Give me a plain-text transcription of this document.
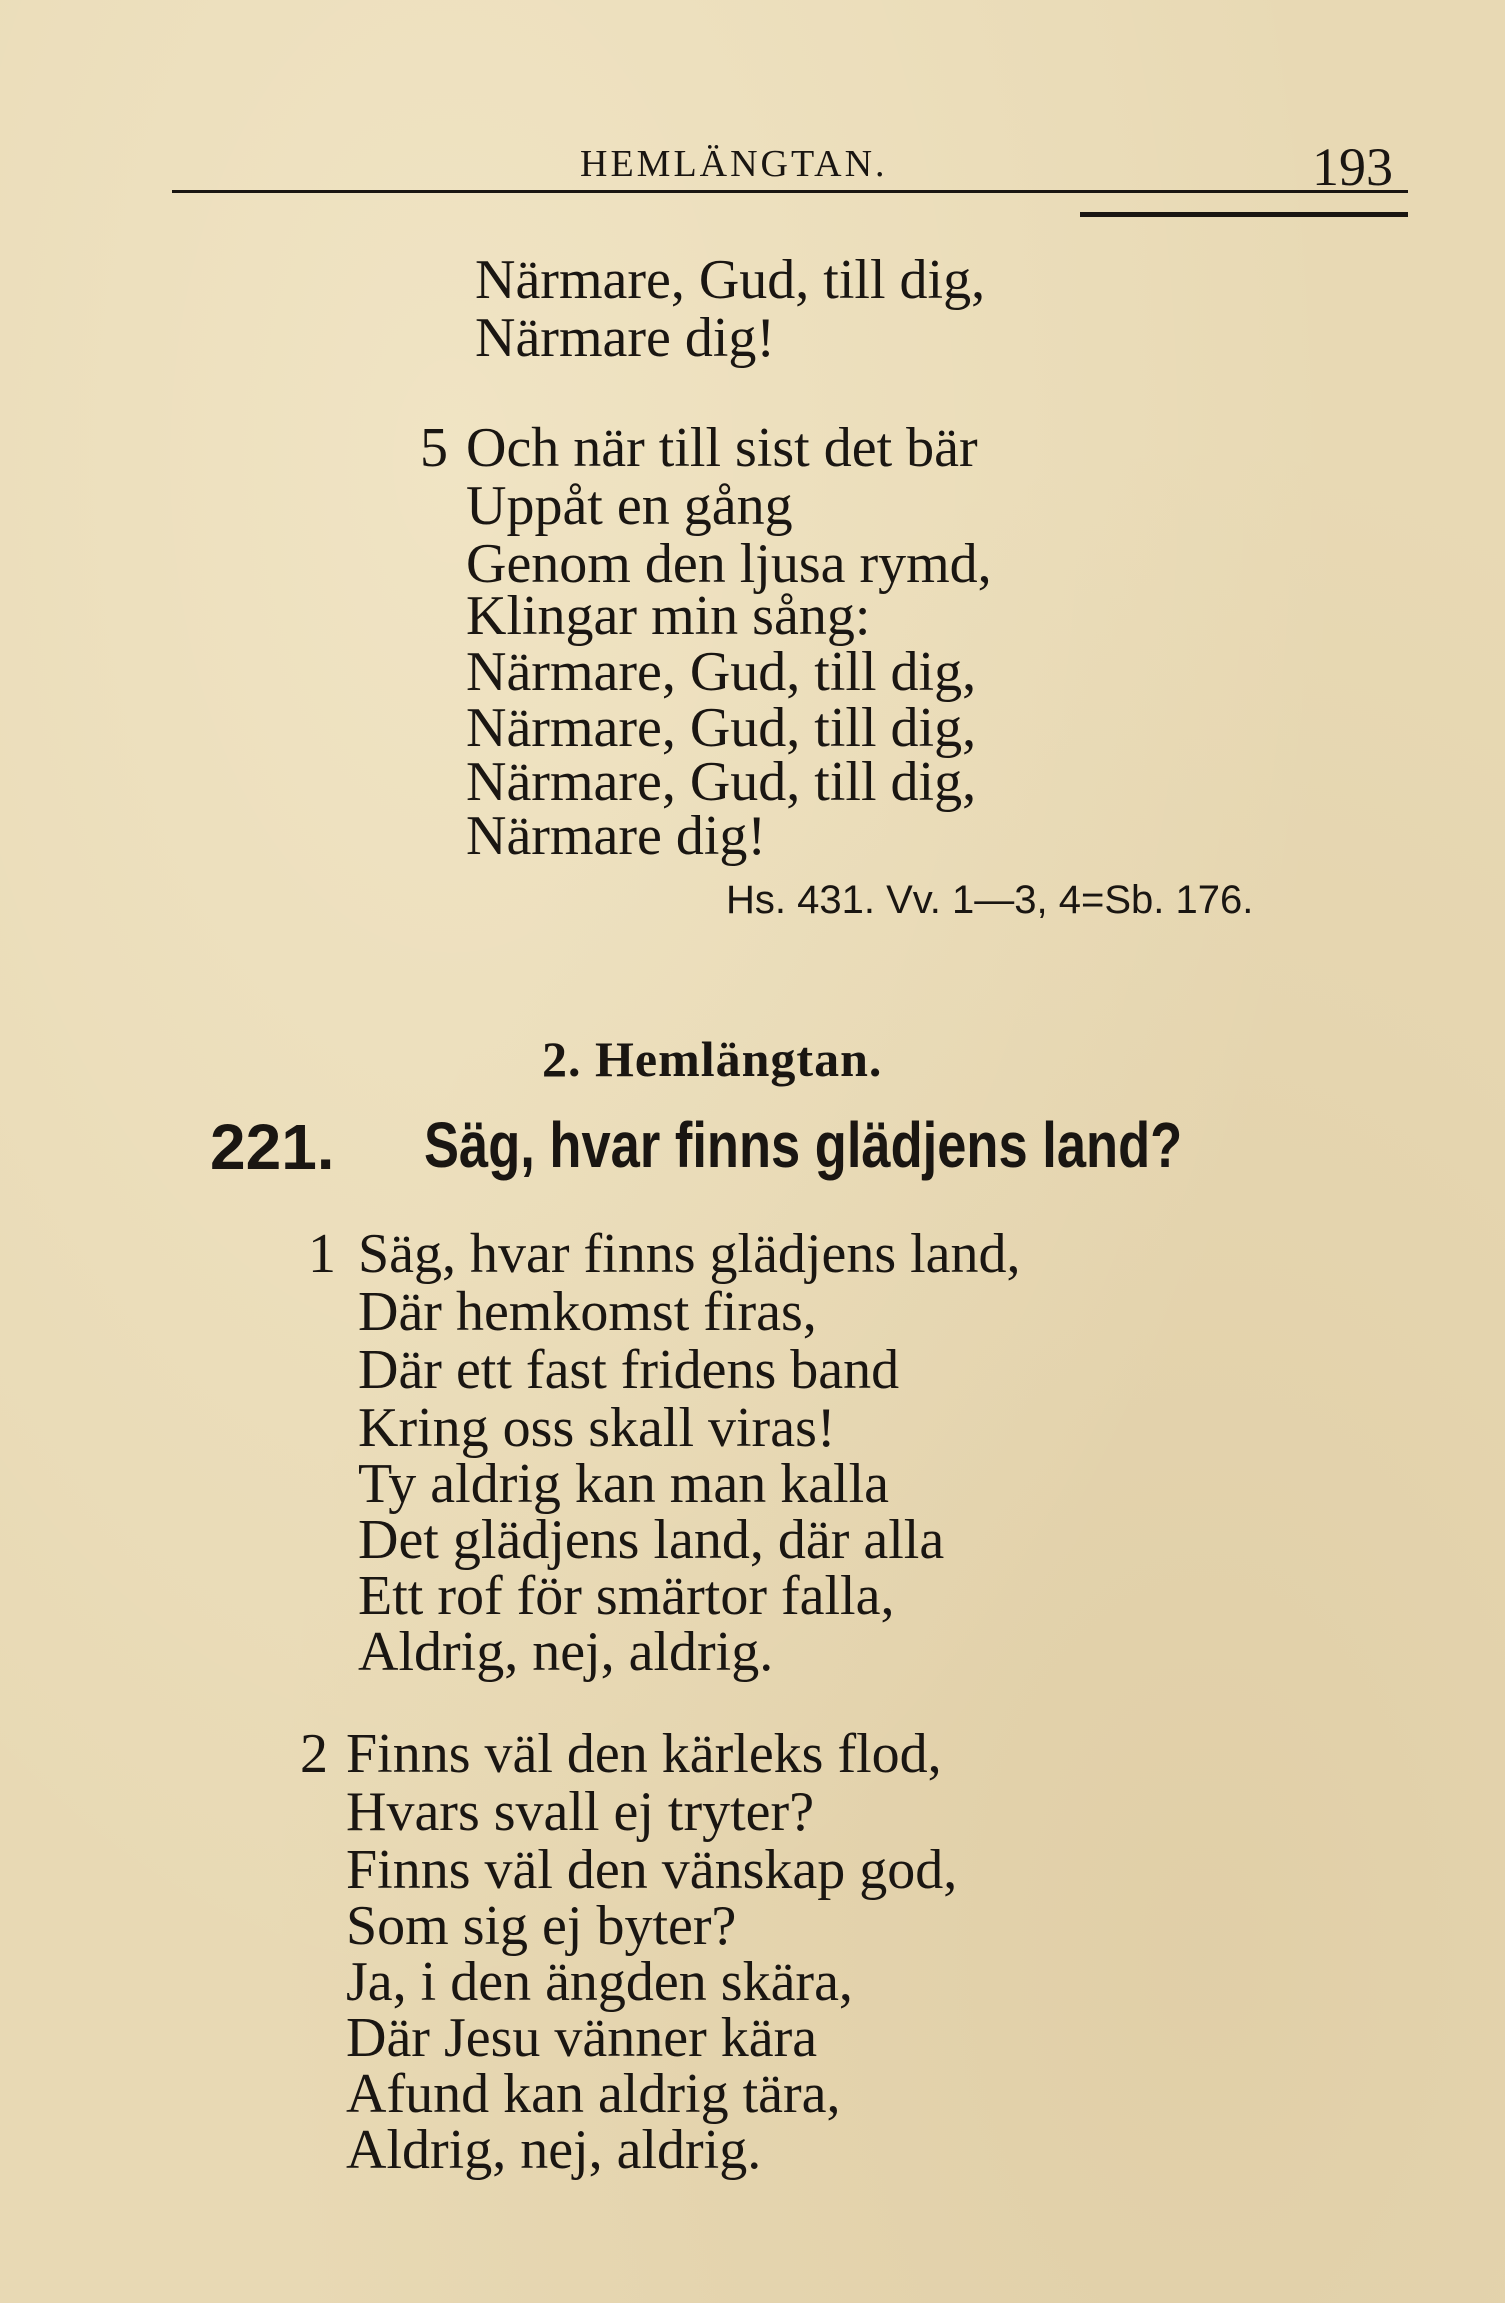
HEMLÄNGTAN.	193
Närmare, Gud, till dig,
Närmare dig!
5 Och när till sist det bär
Uppåt en gång
Genom den ljusa rymd,
Klingar min sång:
Närmare, Gud, till dig,
Närmare, Gud, till dig,
Närmare, Gud, till dig,
Närmare dig!
Hs. 431. Vv. 1—3, 4=Sb. 176.
2. Hemlängtan.
221. Säg, hvar finns glädjens land?
1 Säg, hvar finns glädjens land,
Där hemkomst firas,
Där ett fast fridens band
Kring oss skall viras!
Ty aldrig kan man kalla
Det glädjens land, där alla
Ett rof för smärtor falla,
Aldrig, nej, aldrig.
2 Finns väl den kärleks flod,
Hvars svall ej tryter?
Finns väl den vänskap god,
Som sig ej byter?
Ja, i den ängden skära,
Där Jesu vänner kära
Afund kan aldrig tära,
Aldrig, nej, aldrig.
